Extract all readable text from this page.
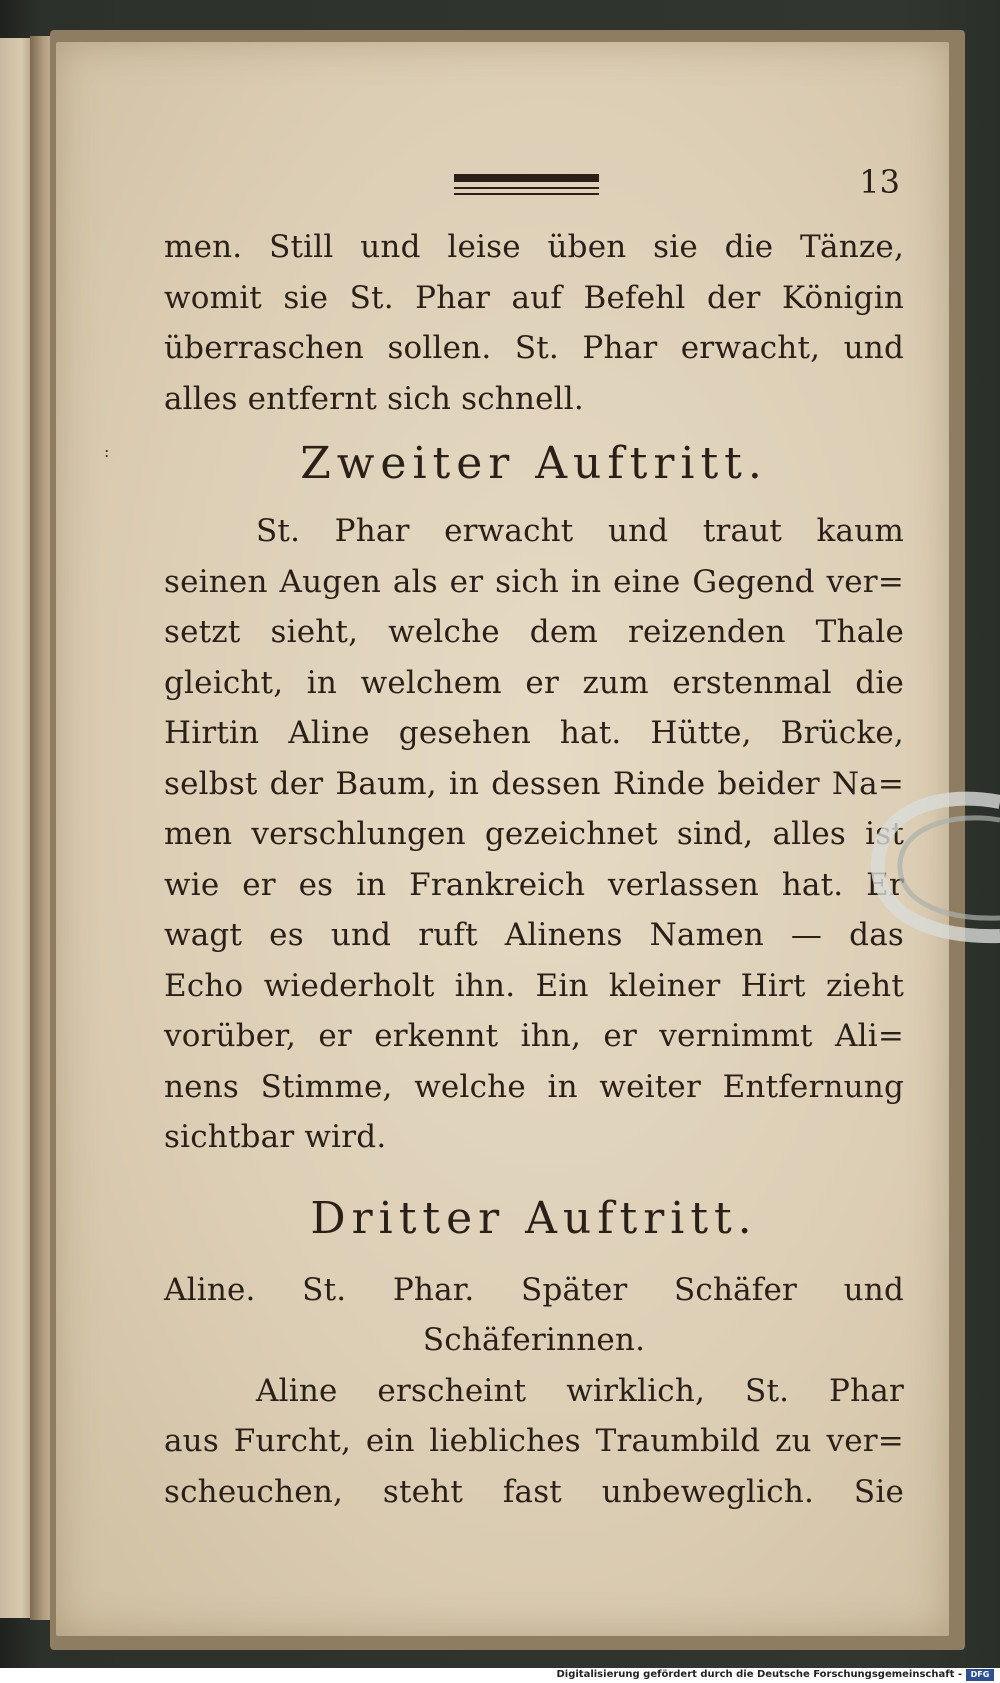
:
13
men. Still und leise üben sie die Tänze,
womit sie St. Phar auf Befehl der Königin
überraschen sollen. St. Phar erwacht, und
alles entfernt sich schnell.
Zweiter Auftritt.
St. Phar erwacht und traut kaum
seinen Augen als er sich in eine Gegend ver=
setzt sieht, welche dem reizenden Thale
gleicht, in welchem er zum erstenmal die
Hirtin Aline gesehen hat. Hütte, Brücke,
selbst der Baum, in dessen Rinde beider Na=
men verschlungen gezeichnet sind, alles ist
wie er es in Frankreich verlassen hat. Er
wagt es und ruft Alinens Namen — das
Echo wiederholt ihn. Ein kleiner Hirt zieht
vorüber, er erkennt ihn, er vernimmt Ali=
nens Stimme, welche in weiter Entfernung
sichtbar wird.
Dritter Auftritt.
Aline. St. Phar. Später Schäfer und
Schäferinnen.
Aline erscheint wirklich, St. Phar
aus Furcht, ein liebliches Traumbild zu ver=
scheuchen, steht fast unbeweglich. Sie
Digitalisierung gefördert durch die Deutsche Forschungsgemeinschaft -	DFG
